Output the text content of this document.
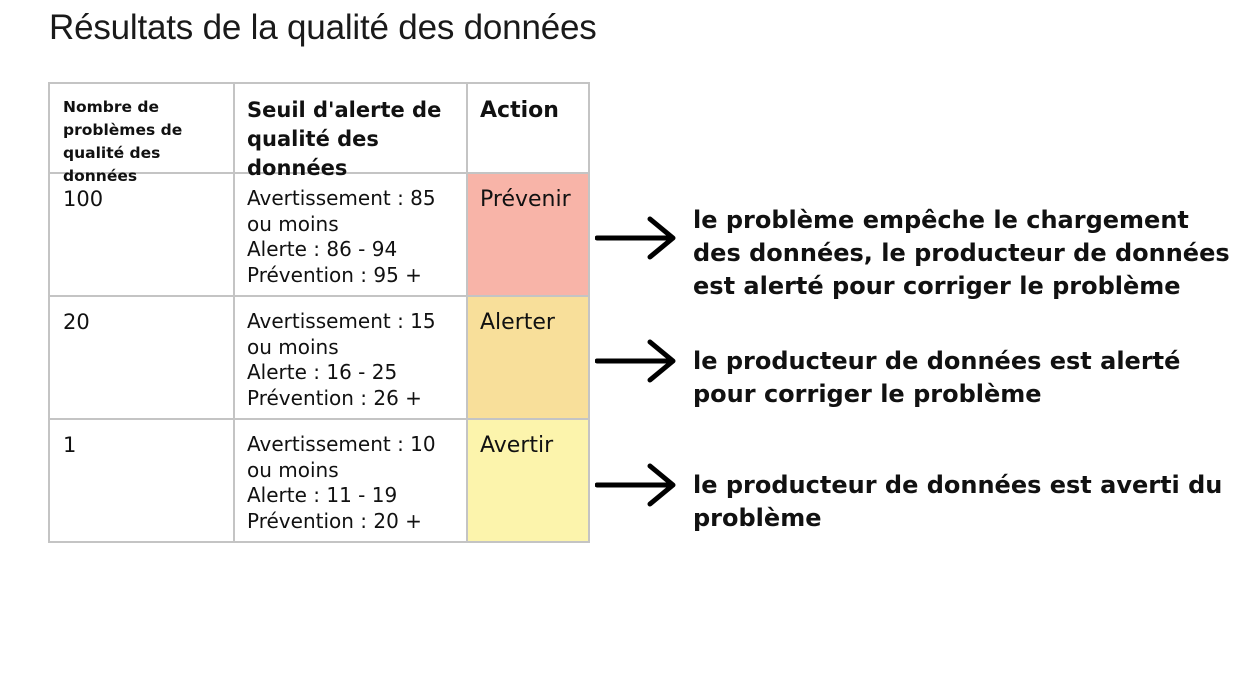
Résultats de la qualité des données
Nombre de problèmes de qualité des données	Seuil d'alerte de qualité des données	Action

100	Avertissement : 85 ou moins
Alerte : 86 - 94
Prévention : 95 +	Prévenir

20	Avertissement : 15 ou moins
Alerte : 16 - 25
Prévention : 26 +	Alerter

1	Avertissement : 10 ou moins
Alerte : 11 - 19
Prévention : 20 +	Avertir

le problème empêche le chargement des données, le producteur de données est alerté pour corriger le problème

le producteur de données est alerté pour corriger le problème

le producteur de données est averti du problème
